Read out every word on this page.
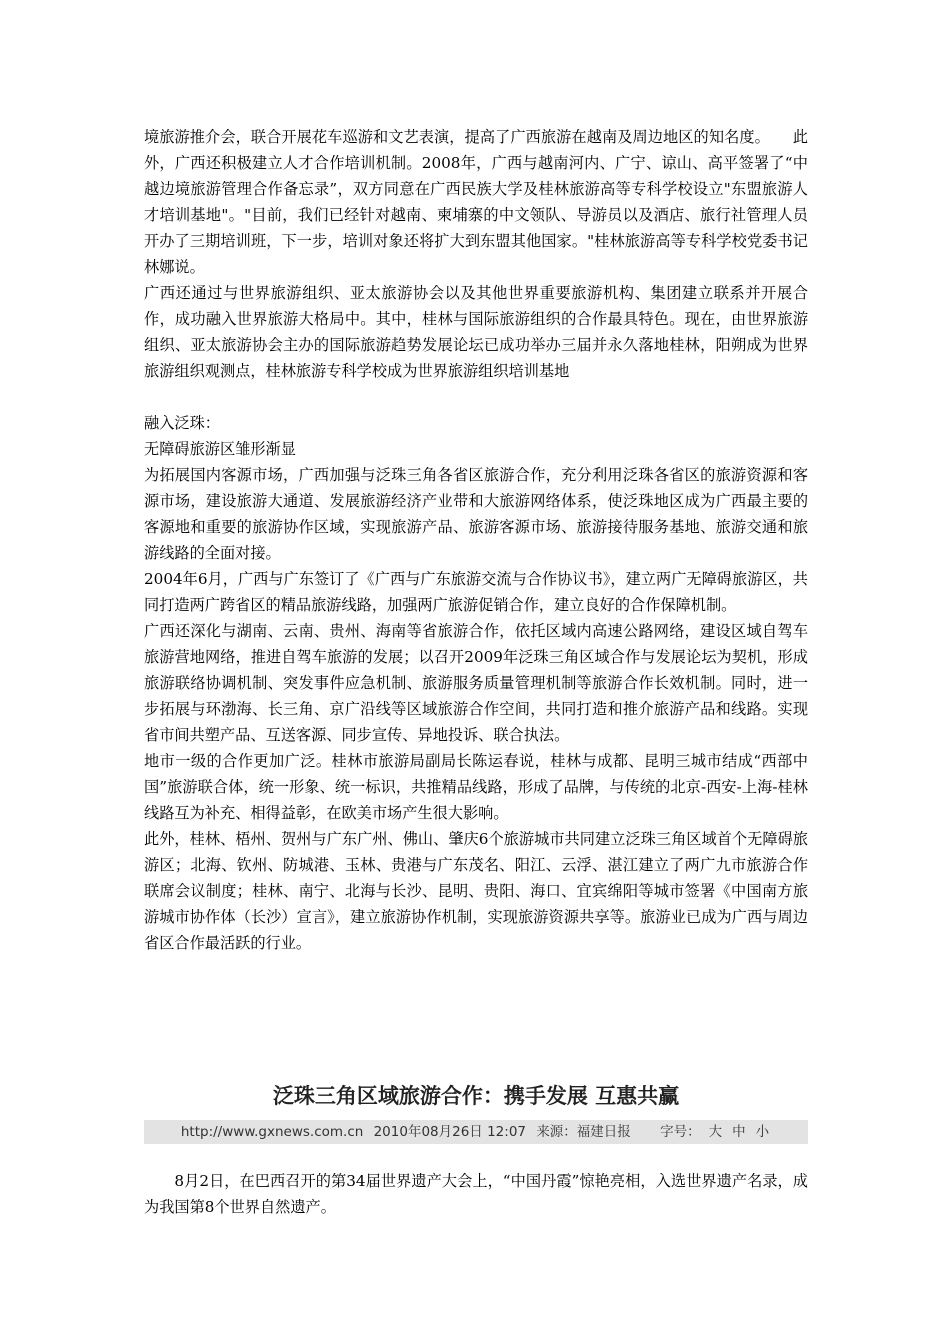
境旅游推介会，联合开展花车巡游和文艺表演，提高了广西旅游在越南及周边地区的知名度。　　此外，广西还积极建立人才合作培训机制。2008年，广西与越南河内、广宁、谅山、高平签署了“中越边境旅游管理合作备忘录”，双方同意在广西民族大学及桂林旅游高等专科学校设立"东盟旅游人才培训基地"。"目前，我们已经针对越南、柬埔寨的中文领队、导游员以及酒店、旅行社管理人员开办了三期培训班，下一步，培训对象还将扩大到东盟其他国家。"桂林旅游高等专科学校党委书记林娜说。

广西还通过与世界旅游组织、亚太旅游协会以及其他世界重要旅游机构、集团建立联系并开展合作，成功融入世界旅游大格局中。其中，桂林与国际旅游组织的合作最具特色。现在，由世界旅游组织、亚太旅游协会主办的国际旅游趋势发展论坛已成功举办三届并永久落地桂林，阳朔成为世界旅游组织观测点，桂林旅游专科学校成为世界旅游组织培训基地

融入泛珠：

无障碍旅游区雏形渐显

为拓展国内客源市场，广西加强与泛珠三角各省区旅游合作，充分利用泛珠各省区的旅游资源和客源市场，建设旅游大通道、发展旅游经济产业带和大旅游网络体系，使泛珠地区成为广西最主要的客源地和重要的旅游协作区域，实现旅游产品、旅游客源市场、旅游接待服务基地、旅游交通和旅游线路的全面对接。

2004年6月，广西与广东签订了《广西与广东旅游交流与合作协议书》，建立两广无障碍旅游区，共同打造两广跨省区的精品旅游线路，加强两广旅游促销合作，建立良好的合作保障机制。

广西还深化与湖南、云南、贵州、海南等省旅游合作，依托区域内高速公路网络，建设区域自驾车旅游营地网络，推进自驾车旅游的发展；以召开2009年泛珠三角区域合作与发展论坛为契机，形成旅游联络协调机制、突发事件应急机制、旅游服务质量管理机制等旅游合作长效机制。同时，进一步拓展与环渤海、长三角、京广沿线等区域旅游合作空间，共同打造和推介旅游产品和线路。实现省市间共塑产品、互送客源、同步宣传、异地投诉、联合执法。

地市一级的合作更加广泛。桂林市旅游局副局长陈运春说，桂林与成都、昆明三城市结成“西部中国”旅游联合体，统一形象、统一标识，共推精品线路，形成了品牌，与传统的北京-西安-上海-桂林线路互为补充、相得益彰，在欧美市场产生很大影响。

此外，桂林、梧州、贺州与广东广州、佛山、肇庆6个旅游城市共同建立泛珠三角区域首个无障碍旅游区；北海、钦州、防城港、玉林、贵港与广东茂名、阳江、云浮、湛江建立了两广九市旅游合作联席会议制度；桂林、南宁、北海与长沙、昆明、贵阳、海口、宜宾绵阳等城市签署《中国南方旅游城市协作体（长沙）宣言》，建立旅游协作机制，实现旅游资源共享等。旅游业已成为广西与周边省区合作最活跃的行业。

泛珠三角区域旅游合作：携手发展 互惠共赢
http://www.gxnews.com.cn 2010年08月26日 12:07 来源：福建日报 字号： 大 中 小

8月2日，在巴西召开的第34届世界遗产大会上，“中国丹霞”惊艳亮相，入选世界遗产名录，成为我国第8个世界自然遗产。
